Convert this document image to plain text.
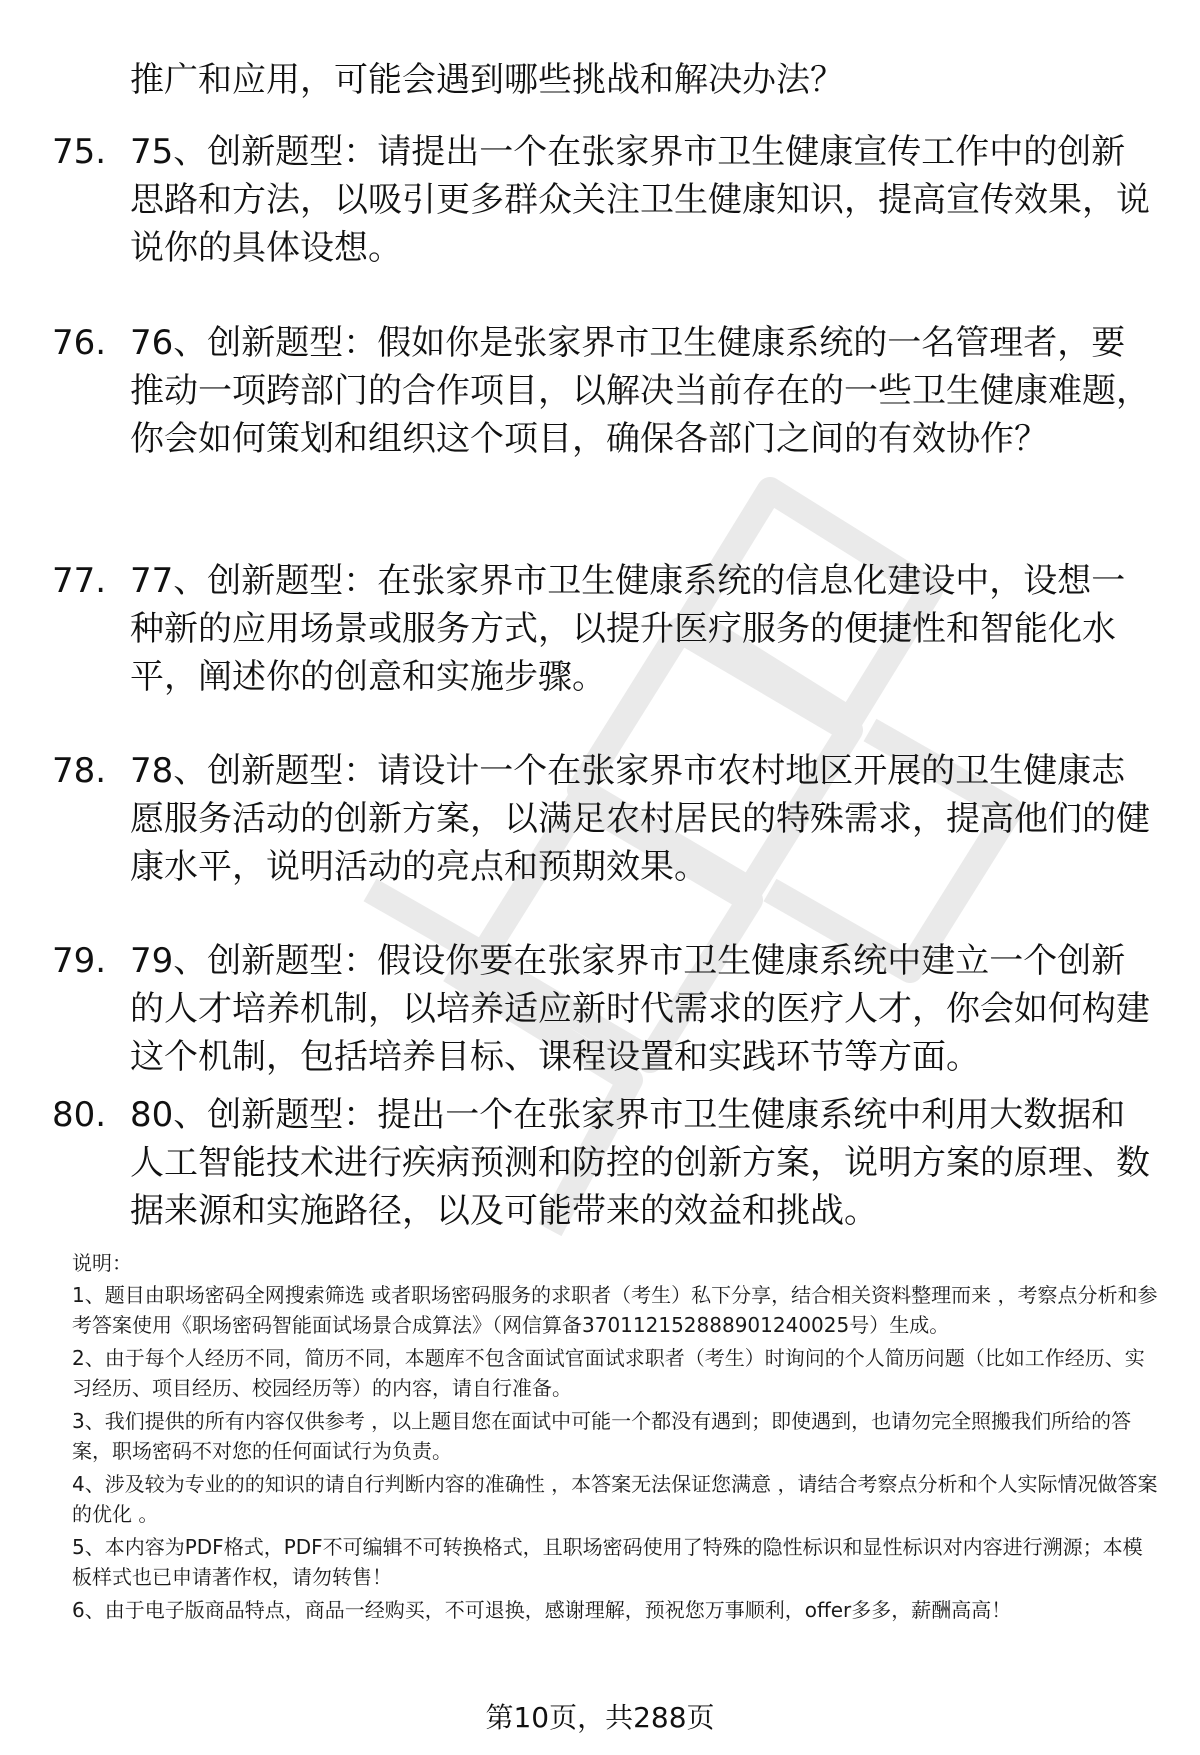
推广和应用，可能会遇到哪些挑战和解决办法？

75. 75、创新题型：请提出一个在张家界市卫生健康宣传工作中的创新思路和方法，以吸引更多群众关注卫生健康知识，提高宣传效果，说说你的具体设想。
76. 76、创新题型：假如你是张家界市卫生健康系统的一名管理者，要推动一项跨部门的合作项目，以解决当前存在的一些卫生健康难题，你会如何策划和组织这个项目，确保各部门之间的有效协作？
77. 77、创新题型：在张家界市卫生健康系统的信息化建设中，设想一种新的应用场景或服务方式，以提升医疗服务的便捷性和智能化水平，阐述你的创意和实施步骤。
78. 78、创新题型：请设计一个在张家界市农村地区开展的卫生健康志愿服务活动的创新方案，以满足农村居民的特殊需求，提高他们的健康水平，说明活动的亮点和预期效果。
79. 79、创新题型：假设你要在张家界市卫生健康系统中建立一个创新的人才培养机制，以培养适应新时代需求的医疗人才，你会如何构建这个机制，包括培养目标、课程设置和实践环节等方面。
80. 80、创新题型：提出一个在张家界市卫生健康系统中利用大数据和人工智能技术进行疾病预测和防控的创新方案，说明方案的原理、数据来源和实施路径，以及可能带来的效益和挑战。

说明：

1、题目由职场密码全网搜索筛选 或者职场密码服务的求职者（考生）私下分享，结合相关资料整理而来 ，考察点分析和参考答案使用《职场密码智能面试场景合成算法》（网信算备370112152888901240025号）生成。

2、由于每个人经历不同，简历不同，本题库不包含面试官面试求职者（考生）时询问的个人简历问题（比如工作经历、实习经历、项目经历、校园经历等）的内容，请自行准备。

3、我们提供的所有内容仅供参考 ，以上题目您在面试中可能一个都没有遇到；即使遇到，也请勿完全照搬我们所给的答案，职场密码不对您的任何面试行为负责。

4、涉及较为专业的的知识的请自行判断内容的准确性 ，本答案无法保证您满意 ，请结合考察点分析和个人实际情况做答案的优化 。

5、本内容为PDF格式，PDF不可编辑不可转换格式，且职场密码使用了特殊的隐性标识和显性标识对内容进行溯源；本模板样式也已申请著作权，请勿转售！

6、由于电子版商品特点，商品一经购买，不可退换，感谢理解，预祝您万事顺利，offer多多，薪酬高高！

第10页，共288页
